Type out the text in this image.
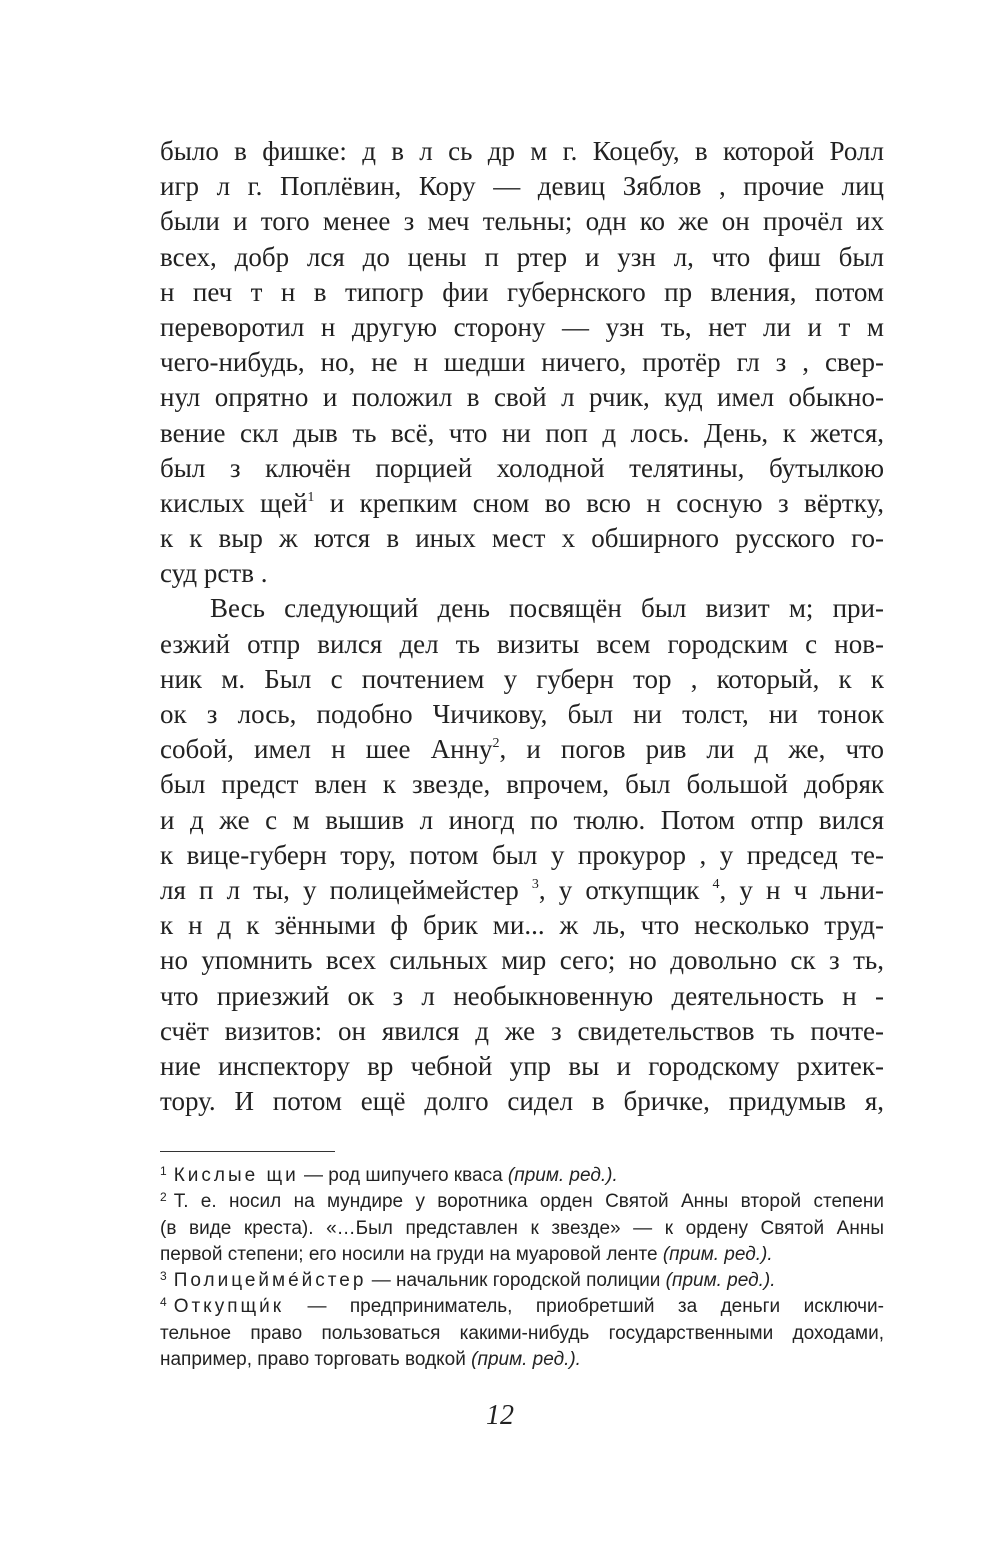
было в фишке: д в л сь др м г. Коцебу, в которой Ролл
игр л г. Поплёвин, Кору — девиц Зяблов , прочие лиц
были и того менее з меч тельны; одн ко же он прочёл их
всех, добр лся до цены п ртер и узн л, что фиш был
н печ т н в типогр фии губернского пр вления, потом
переворотил н другую сторону — узн ть, нет ли и т м
чего-нибудь, но, не н шедши ничего, протёр гл з , свер-
нул опрятно и положил в свой л рчик, куд имел обыкно-
вение скл дыв ть всё, что ни поп д лось. День, к жется,
был з ключён порцией холодной телятины, бутылкою
кислых щей$^1$ и крепким сном во всю н сосную з вёртку,
к к выр ж ются в иных мест х обширного русского го-
суд рств .
Весь следующий день посвящён был визит м; при-
езжий отпр вился дел ть визиты всем городским с нов-
ник м. Был с почтением у губерн тор , который, к к
ок з лось, подобно Чичикову, был ни толст, ни тонок
собой, имел н шее Анну$^2$, и погов рив ли д же, что
был предст влен к звезде, впрочем, был большой добряк
и д же с м вышив л иногд по тюлю. Потом отпр вился
к вице-губерн тору, потом был у прокурор , у председ те-
ля п л ты, у полицеймейстер $^3$, у откупщик $^4$, у н ч льни-
к н д к зёнными ф брик ми... ж ль, что несколько труд-
но упомнить всех сильных мир сего; но довольно ск з ть,
что приезжий ок з л необыкновенную деятельность н -
счёт визитов: он явился д же з свидетельствов ть почте-
ние инспектору вр чебной упр вы и городскому рхитек-
тору. И потом ещё долго сидел в бричке, придумыв я,
$^1$ Кислые щи — род шипучего кваса (прим. ред.).
$^2$ Т. е. носил на мундире у воротника орден Святой Анны второй степени
(в виде креста). «…Был представлен к звезде» — к ордену Святой Анны
первой степени; его носили на груди на муаровой ленте (прим. ред.).
$^3$ Полицеймéйстер — начальник городской полиции (прим. ред.).
$^4$ Откупщи́к — предприниматель, приобретший за деньги исключи-
тельное право пользоваться какими-нибудь государственными доходами,
например, право торговать водкой (прим. ред.).
12
